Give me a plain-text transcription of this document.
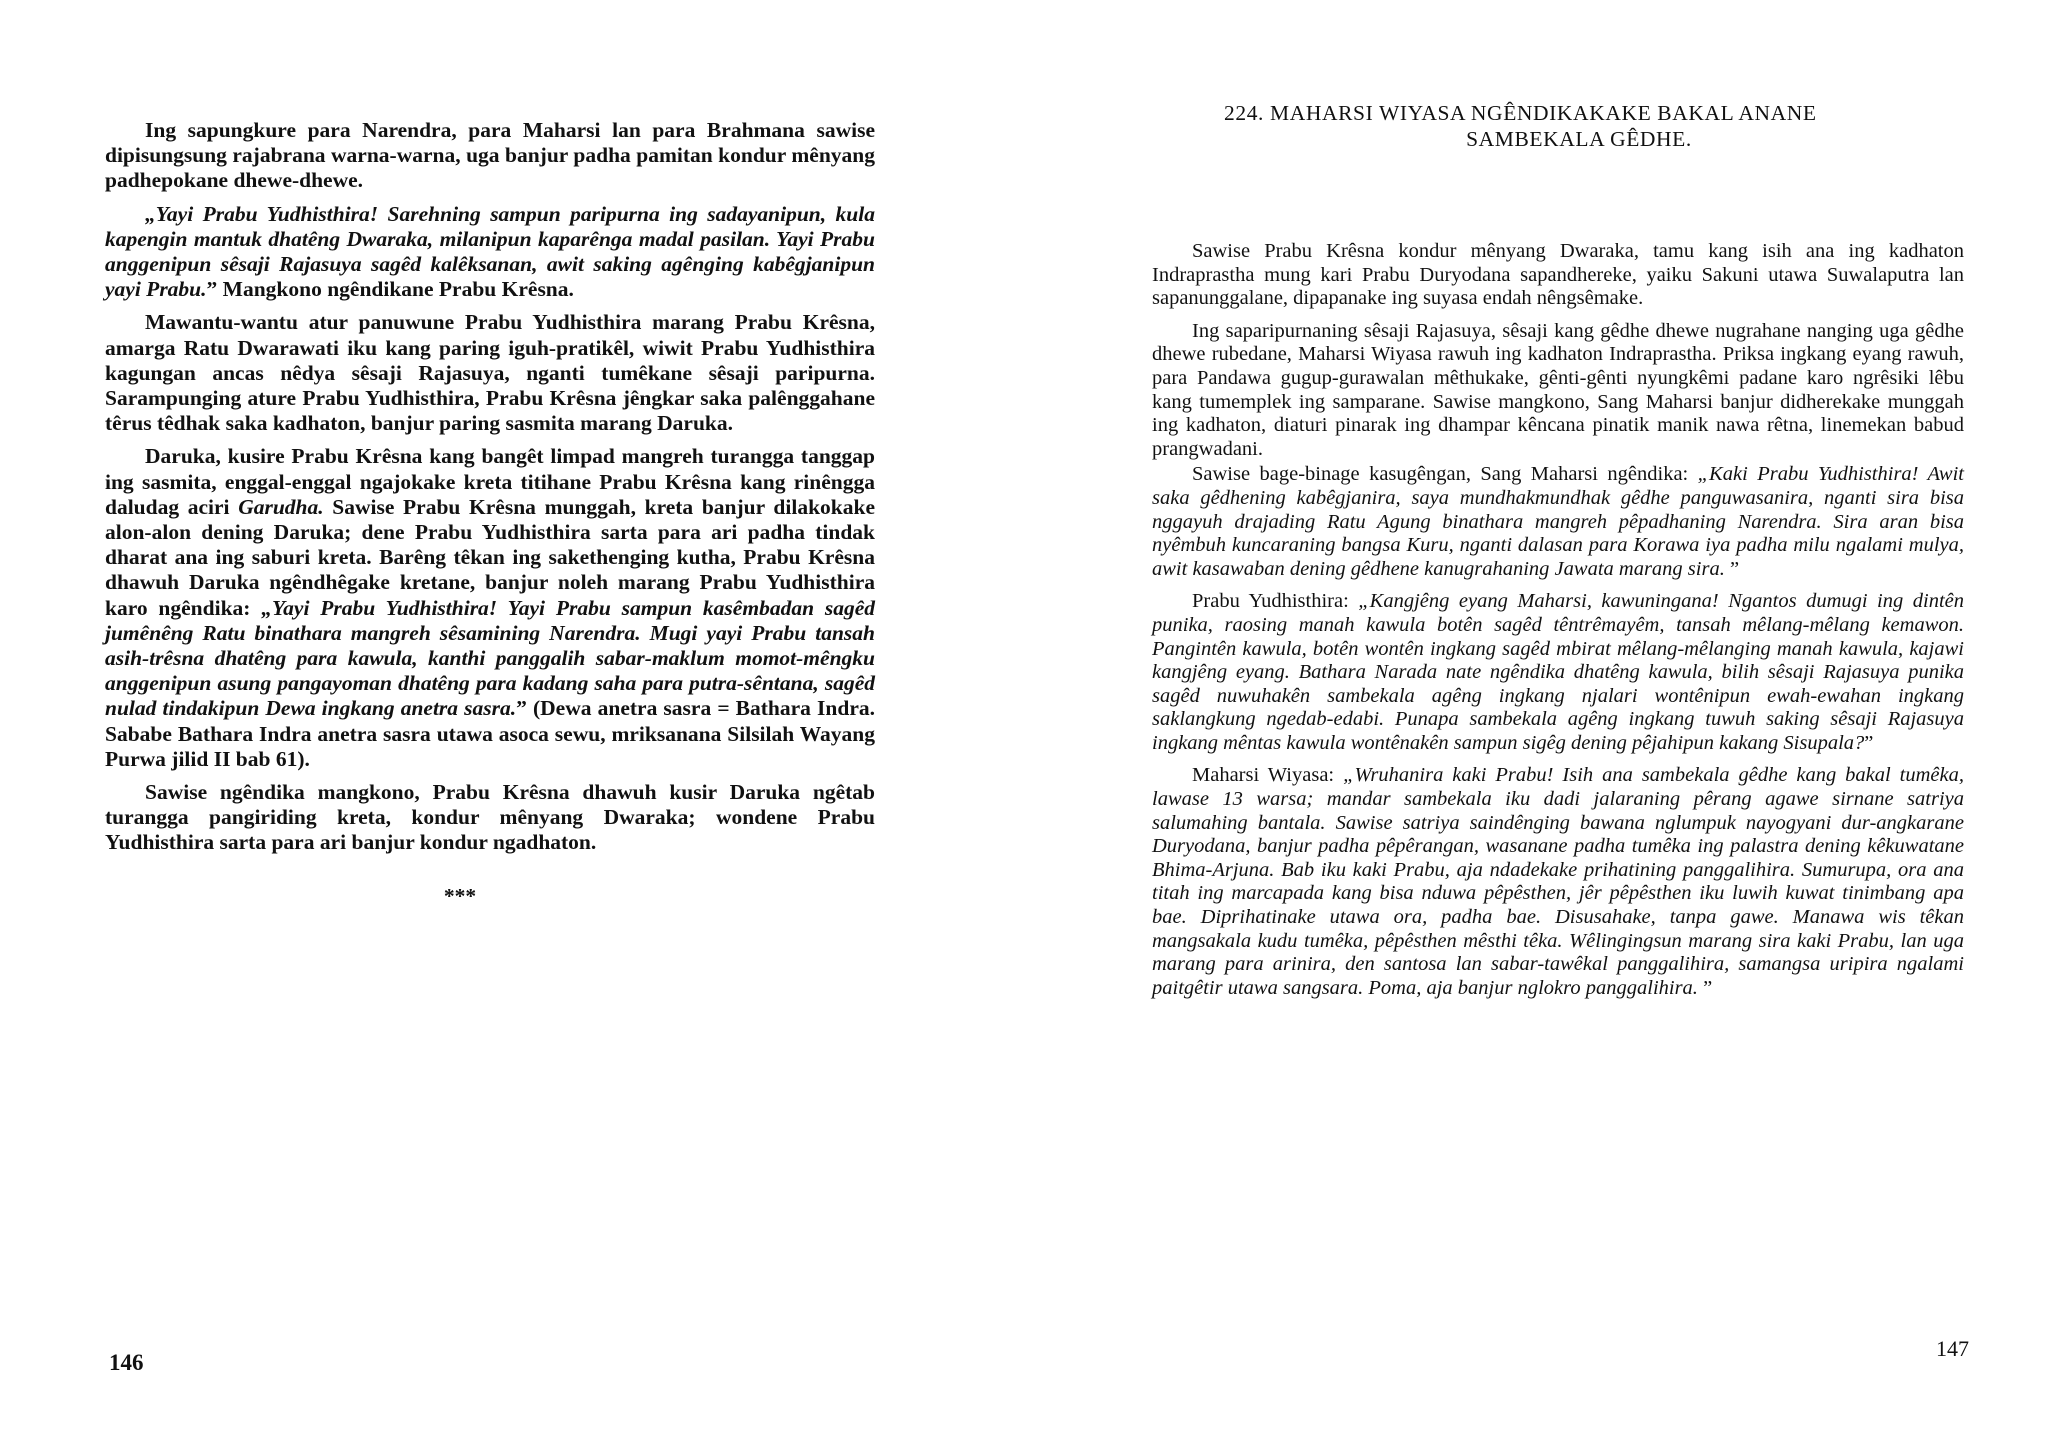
Ing sapungkure para Narendra, para Maharsi lan para Brahmana sawise dipisungsung rajabrana warna-warna, uga banjur padha pamitan kondur mênyang padhepokane dhewe-dhewe.

„Yayi Prabu Yudhisthira! Sarehning sampun paripurna ing sadayanipun, kula kapengin mantuk dhatêng Dwaraka, milanipun kaparênga madal pasilan. Yayi Prabu anggenipun sêsaji Rajasuya sagêd kalêksanan, awit saking agênging kabêgjanipun yayi Prabu.” Mangkono ngêndikane Prabu Krêsna.

Mawantu-wantu atur panuwune Prabu Yudhisthira marang Prabu Krêsna, amarga Ratu Dwarawati iku kang paring iguh-pratikêl, wiwit Prabu Yudhisthira kagungan ancas nêdya sêsaji Rajasuya, nganti tumêkane sêsaji paripurna. Sarampunging ature Prabu Yudhisthira, Prabu Krêsna jêngkar saka palênggahane têrus têdhak saka kadhaton, banjur paring sasmita marang Daruka.

Daruka, kusire Prabu Krêsna kang bangêt limpad mangreh turangga tanggap ing sasmita, enggal-enggal ngajokake kreta titihane Prabu Krêsna kang rinêngga daludag aciri Garudha. Sawise Prabu Krêsna munggah, kreta banjur dilakokake alon-alon dening Daruka; dene Prabu Yudhisthira sarta para ari padha tindak dharat ana ing saburi kreta. Barêng têkan ing sakethenging kutha, Prabu Krêsna dhawuh Daruka ngêndhêgake kretane, banjur noleh marang Prabu Yudhisthira karo ngêndika: „Yayi Prabu Yudhisthira! Yayi Prabu sampun kasêmbadan sagêd jumênêng Ratu binathara mangreh sêsamining Narendra. Mugi yayi Prabu tansah asih-trêsna dhatêng para kawula, kanthi panggalih sabar-maklum momot-mêngku anggenipun asung pangayoman dhatêng para kadang saha para putra-sêntana, sagêd nulad tindakipun Dewa ingkang anetra sasra.” (Dewa anetra sasra = Bathara Indra. Sababe Bathara Indra anetra sasra utawa asoca sewu, mriksanana Silsilah Wayang Purwa jilid II bab 61).

Sawise ngêndika mangkono, Prabu Krêsna dhawuh kusir Daruka ngêtab turangga pangiriding kreta, kondur mênyang Dwaraka; wondene Prabu Yudhisthira sarta para ari banjur kondur ngadhaton.

***
146
224. MAHARSI WIYASA NGÊNDIKAKAKE BAKAL ANANE
SAMBEKALA GÊDHE.

Sawise Prabu Krêsna kondur mênyang Dwaraka, tamu kang isih ana ing kadhaton Indraprastha mung kari Prabu Duryodana sapandhereke, yaiku Sakuni utawa Suwalaputra lan sapanunggalane, dipapanake ing suyasa endah nêngsêmake.

Ing saparipurnaning sêsaji Rajasuya, sêsaji kang gêdhe dhewe nugrahane nanging uga gêdhe dhewe rubedane, Maharsi Wiyasa rawuh ing kadhaton Indraprastha. Priksa ingkang eyang rawuh, para Pandawa gugup-gurawalan mêthukake, gênti-gênti nyungkêmi padane karo ngrêsiki lêbu kang tumemplek ing samparane. Sawise mangkono, Sang Maharsi banjur didherekake munggah ing kadhaton, diaturi pinarak ing dhampar kêncana pinatik manik nawa rêtna, linemekan babud prangwadani.

Sawise bage-binage kasugêngan, Sang Maharsi ngêndika: „Kaki Prabu Yudhisthira! Awit saka gêdhening kabêgjanira, saya mundhakmundhak gêdhe panguwasanira, nganti sira bisa nggayuh drajading Ratu Agung binathara mangreh pêpadhaning Narendra. Sira aran bisa nyêmbuh kuncaraning bangsa Kuru, nganti dalasan para Korawa iya padha milu ngalami mulya, awit kasawaban dening gêdhene kanugrahaning Jawata marang sira. ”

Prabu Yudhisthira: „Kangjêng eyang Maharsi, kawuningana! Ngantos dumugi ing dintên punika, raosing manah kawula botên sagêd têntrêmayêm, tansah mêlang-mêlang kemawon. Pangintên kawula, botên wontên ingkang sagêd mbirat mêlang-mêlanging manah kawula, kajawi kangjêng eyang. Bathara Narada nate ngêndika dhatêng kawula, bilih sêsaji Rajasuya punika sagêd nuwuhakên sambekala agêng ingkang njalari wontênipun ewah-ewahan ingkang saklangkung ngedab-edabi. Punapa sambekala agêng ingkang tuwuh saking sêsaji Rajasuya ingkang mêntas kawula wontênakên sampun sigêg dening pêjahipun kakang Sisupala?”

Maharsi Wiyasa: „Wruhanira kaki Prabu! Isih ana sambekala gêdhe kang bakal tumêka, lawase 13 warsa; mandar sambekala iku dadi jalaraning pêrang agawe sirnane satriya salumahing bantala. Sawise satriya saindênging bawana nglumpuk nayogyani dur-angkarane Duryodana, banjur padha pêpêrangan, wasanane padha tumêka ing palastra dening kêkuwatane Bhima-Arjuna. Bab iku kaki Prabu, aja ndadekake prihatining panggalihira. Sumurupa, ora ana titah ing marcapada kang bisa nduwa pêpêsthen, jêr pêpêsthen iku luwih kuwat tinimbang apa bae. Diprihatinake utawa ora, padha bae. Disusahake, tanpa gawe. Manawa wis têkan mangsakala kudu tumêka, pêpêsthen mêsthi têka. Wêlingingsun marang sira kaki Prabu, lan uga marang para arinira, den santosa lan sabar-tawêkal panggalihira, samangsa uripira ngalami paitgêtir utawa sangsara. Poma, aja banjur nglokro panggalihira. ”

147
